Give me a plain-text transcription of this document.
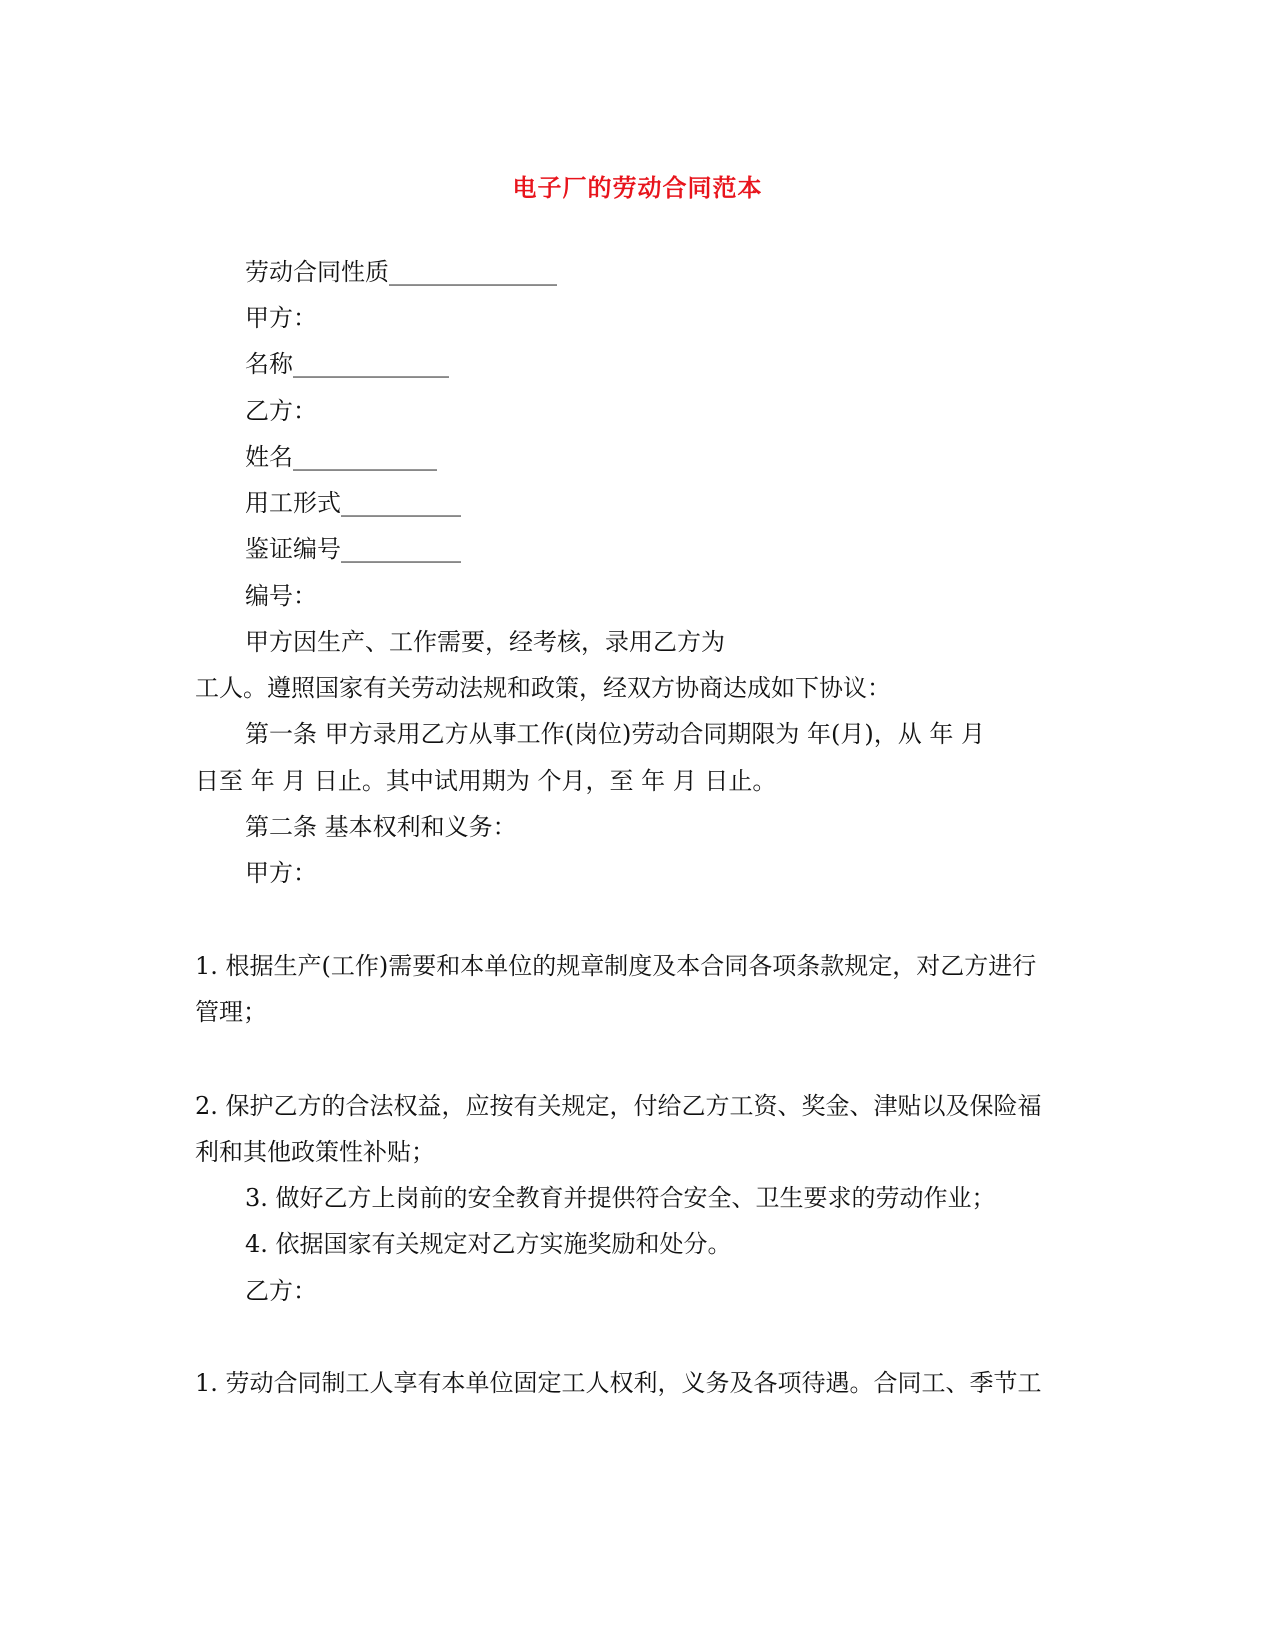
电子厂的劳动合同范本
劳动合同性质______________
甲方：
名称_____________
乙方：
姓名____________
用工形式__________
鉴证编号__________
编号：
甲方因生产、工作需要，经考核，录用乙方为
工人。遵照国家有关劳动法规和政策，经双方协商达成如下协议：
第一条 甲方录用乙方从事工作(岗位)劳动合同期限为 年(月)，从 年 月
日至 年 月 日止。其中试用期为 个月，至 年 月 日止。
第二条 基本权利和义务：
甲方：
1. 根据生产(工作)需要和本单位的规章制度及本合同各项条款规定，对乙方进行
管理；
2. 保护乙方的合法权益，应按有关规定，付给乙方工资、奖金、津贴以及保险福
利和其他政策性补贴；
3. 做好乙方上岗前的安全教育并提供符合安全、卫生要求的劳动作业；
4. 依据国家有关规定对乙方实施奖励和处分。
乙方：
1. 劳动合同制工人享有本单位固定工人权利，义务及各项待遇。合同工、季节工
